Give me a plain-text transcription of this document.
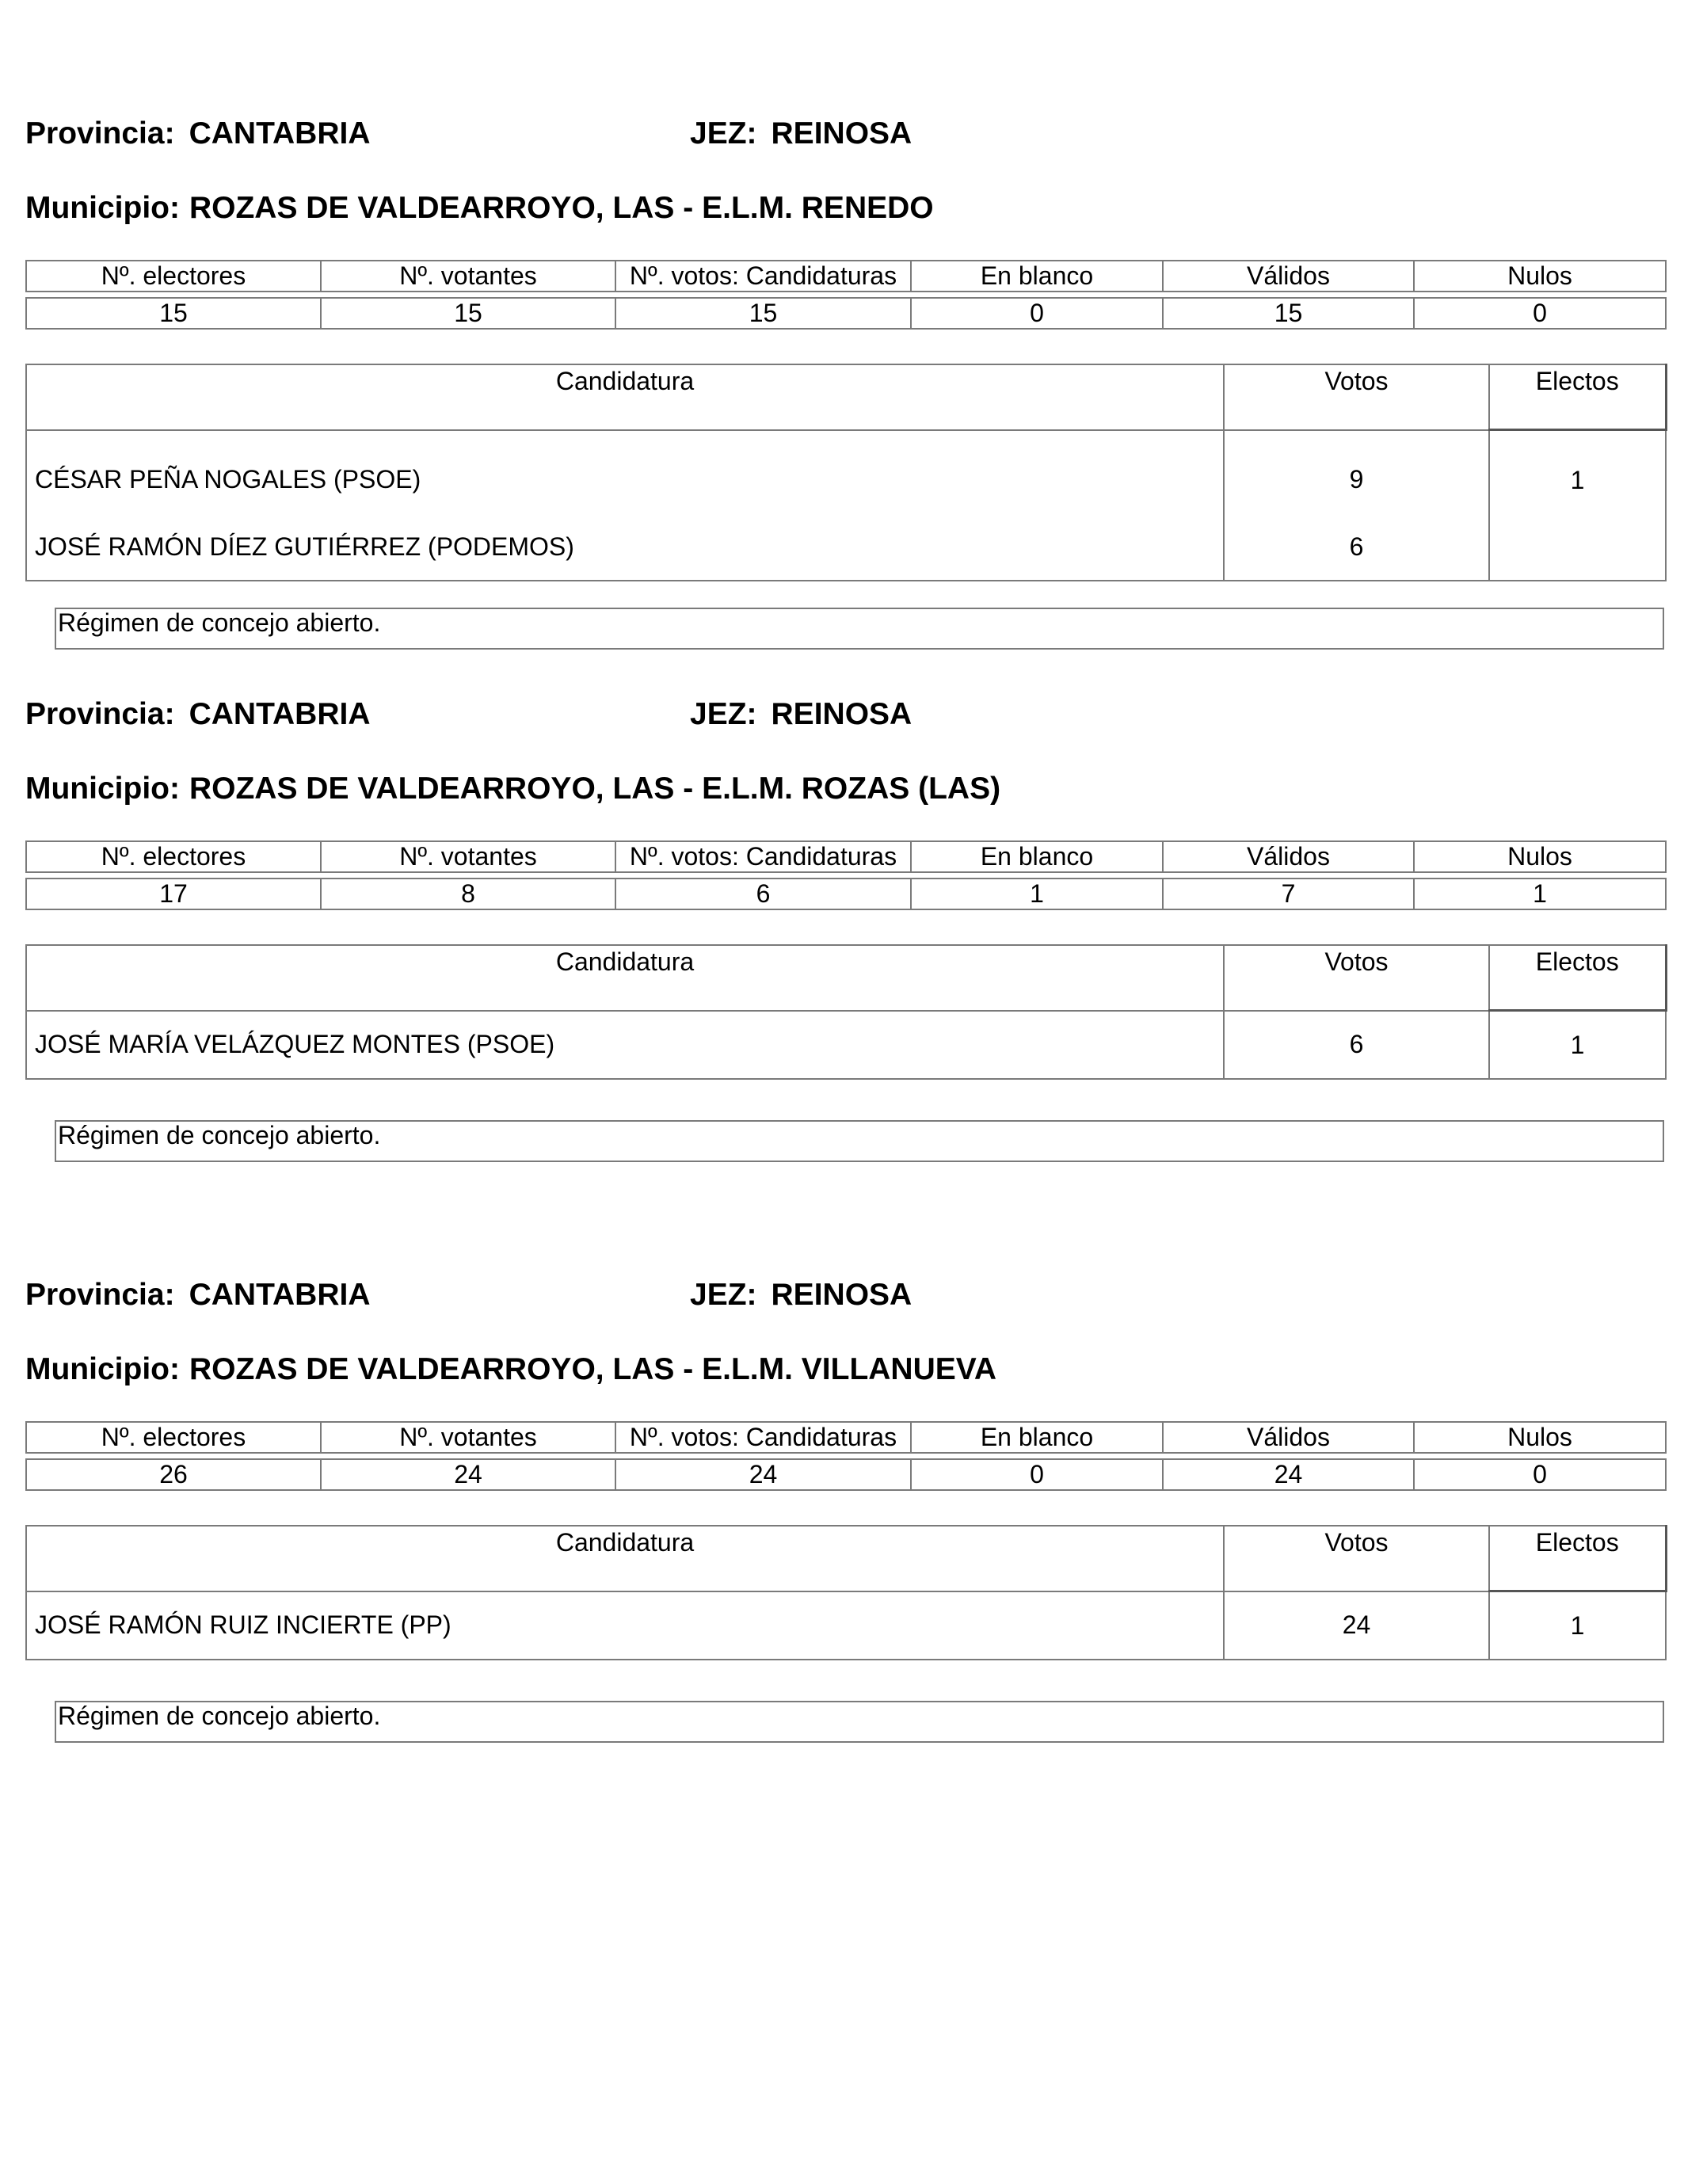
Provincia: CANTABRIA	JEZ: REINOSA
Municipio: ROZAS DE VALDEARROYO, LAS - E.L.M. RENEDO
Nº. electores	Nº. votantes	Nº. votos: Candidaturas	En blanco	Válidos	Nulos

15	15	15	0	15	0
Candidatura	Votos	Electos
CÉSAR PEÑA NOGALES (PSOE)	9	1
JOSÉ RAMÓN DÍEZ GUTIÉRREZ (PODEMOS)	6	
Régimen de concejo abierto.
Provincia: CANTABRIA	JEZ: REINOSA
Municipio: ROZAS DE VALDEARROYO, LAS - E.L.M. ROZAS (LAS)
Nº. electores	Nº. votantes	Nº. votos: Candidaturas	En blanco	Válidos	Nulos

17	8	6	1	7	1
Candidatura	Votos	Electos
JOSÉ MARÍA VELÁZQUEZ MONTES (PSOE)	6	1
Régimen de concejo abierto.
Provincia: CANTABRIA	JEZ: REINOSA
Municipio: ROZAS DE VALDEARROYO, LAS - E.L.M. VILLANUEVA
Nº. electores	Nº. votantes	Nº. votos: Candidaturas	En blanco	Válidos	Nulos

26	24	24	0	24	0
Candidatura	Votos	Electos
JOSÉ RAMÓN RUIZ INCIERTE (PP)	24	1
Régimen de concejo abierto.
